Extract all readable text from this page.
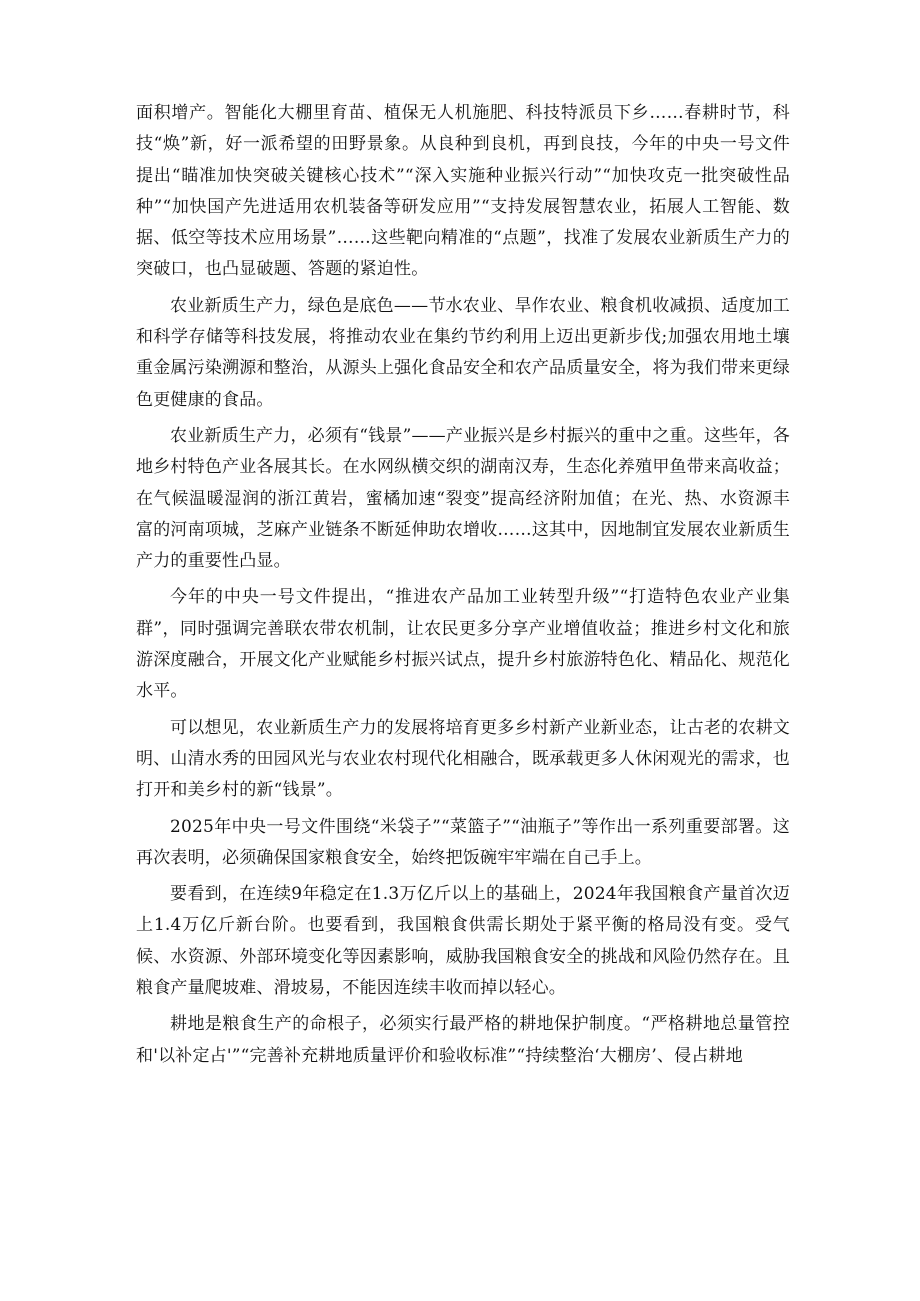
面积增产。智能化大棚里育苗、植保无人机施肥、科技特派员下乡……春耕时节，科技“焕”新，好一派希望的田野景象。从良种到良机，再到良技，今年的中央一号文件提出“瞄准加快突破关键核心技术”“深入实施种业振兴行动”“加快攻克一批突破性品种”“加快国产先进适用农机装备等研发应用”“支持发展智慧农业，拓展人工智能、数据、低空等技术应用场景”……这些靶向精准的“点题”，找准了发展农业新质生产力的突破口，也凸显破题、答题的紧迫性。

农业新质生产力，绿色是底色——节水农业、旱作农业、粮食机收减损、适度加工和科学存储等科技发展，将推动农业在集约节约利用上迈出更新步伐;加强农用地土壤重金属污染溯源和整治，从源头上强化食品安全和农产品质量安全，将为我们带来更绿色更健康的食品。

农业新质生产力，必须有“钱景”——产业振兴是乡村振兴的重中之重。这些年，各地乡村特色产业各展其长。在水网纵横交织的湖南汉寿，生态化养殖甲鱼带来高收益；在气候温暖湿润的浙江黄岩，蜜橘加速“裂变”提高经济附加值；在光、热、水资源丰富的河南项城，芝麻产业链条不断延伸助农增收……这其中，因地制宜发展农业新质生产力的重要性凸显。

今年的中央一号文件提出，“推进农产品加工业转型升级”“打造特色农业产业集群”，同时强调完善联农带农机制，让农民更多分享产业增值收益；推进乡村文化和旅游深度融合，开展文化产业赋能乡村振兴试点，提升乡村旅游特色化、精品化、规范化水平。

可以想见，农业新质生产力的发展将培育更多乡村新产业新业态，让古老的农耕文明、山清水秀的田园风光与农业农村现代化相融合，既承载更多人休闲观光的需求，也打开和美乡村的新“钱景”。

2025年中央一号文件围绕“米袋子”“菜篮子”“油瓶子”等作出一系列重要部署。这再次表明，必须确保国家粮食安全，始终把饭碗牢牢端在自己手上。

要看到，在连续9年稳定在1.3万亿斤以上的基础上，2024年我国粮食产量首次迈上1.4万亿斤新台阶。也要看到，我国粮食供需长期处于紧平衡的格局没有变。受气候、水资源、外部环境变化等因素影响，威胁我国粮食安全的挑战和风险仍然存在。且粮食产量爬坡难、滑坡易，不能因连续丰收而掉以轻心。

耕地是粮食生产的命根子，必须实行最严格的耕地保护制度。“严格耕地总量管控和'以补定占'”“完善补充耕地质量评价和验收标准”“持续整治‘大棚房’、侵占耕地
